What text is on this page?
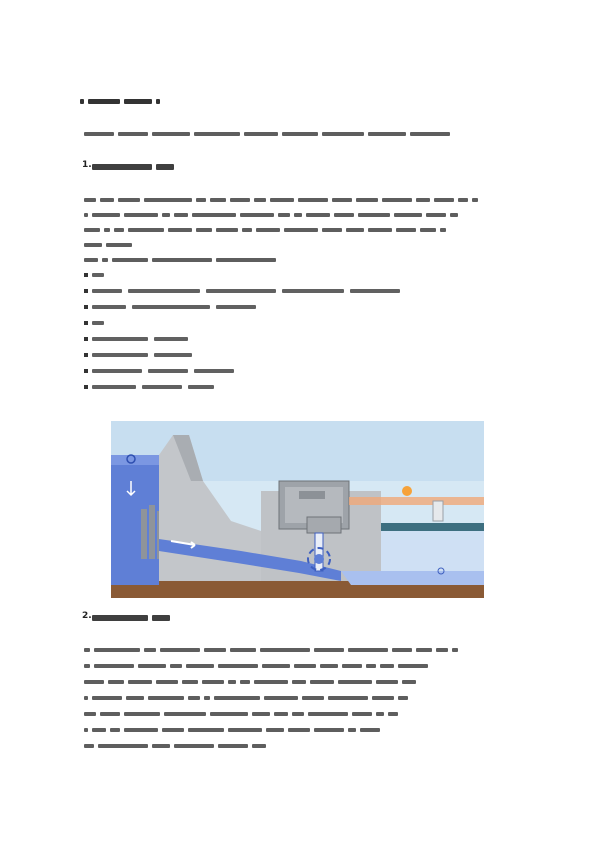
1.
2.
